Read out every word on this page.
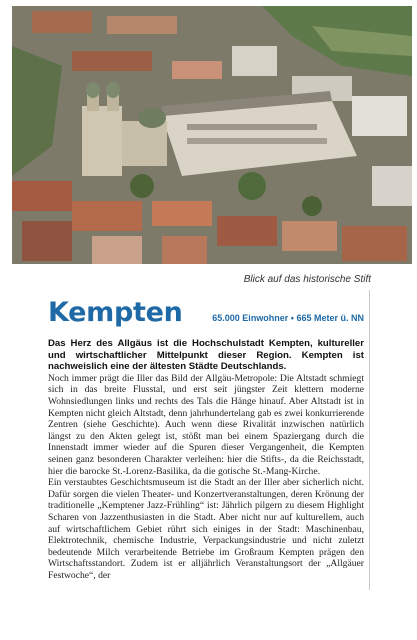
Blick auf das historische Stift
Kempten	65.000 Einwohner • 665 Meter ü. NN

Das Herz des Allgäus ist die Hochschulstadt Kempten, kultureller und wirtschaftlicher Mittelpunkt dieser Region. Kempten ist nachweislich eine der ältesten Städte Deutschlands.

Noch immer prägt die Iller das Bild der Allgäu-Metropole: Die Altstadt schmiegt sich in das breite Flusstal, und erst seit jüngster Zeit klettern moderne Wohnsiedlungen links und rechts des Tals die Hänge hinauf. Aber Altstadt ist in Kempten nicht gleich Altstadt, denn jahrhundertelang gab es zwei konkurrierende Zentren (siehe Geschichte). Auch wenn diese Rivalität inzwischen natürlich längst zu den Akten gelegt ist, stößt man bei einem Spaziergang durch die Innenstadt immer wieder auf die Spuren dieser Vergangenheit, die Kempten seinen ganz besonderen Charakter verleihen: hier die Stifts-, da die Reichsstadt, hier die barocke St.-Lorenz-Basilika, da die gotische St.-Mang-Kirche.

Ein verstaubtes Geschichtsmuseum ist die Stadt an der Iller aber sicherlich nicht. Dafür sorgen die vielen Theater- und Konzertveranstaltungen, deren Krönung der traditionelle „Kemptener Jazz-Frühling“ ist: Jährlich pilgern zu diesem Highlight Scharen von Jazzenthusiasten in die Stadt. Aber nicht nur auf kulturellem, auch auf wirtschaftlichem Gebiet rührt sich einiges in der Stadt: Maschinenbau, Elektrotechnik, chemische Industrie, Verpackungsindustrie und nicht zuletzt bedeutende Milch verarbeitende Betriebe im Großraum Kempten prägen den Wirtschaftsstandort. Zudem ist er alljährlich Veranstaltungsort der „Allgäuer Festwoche“, der
